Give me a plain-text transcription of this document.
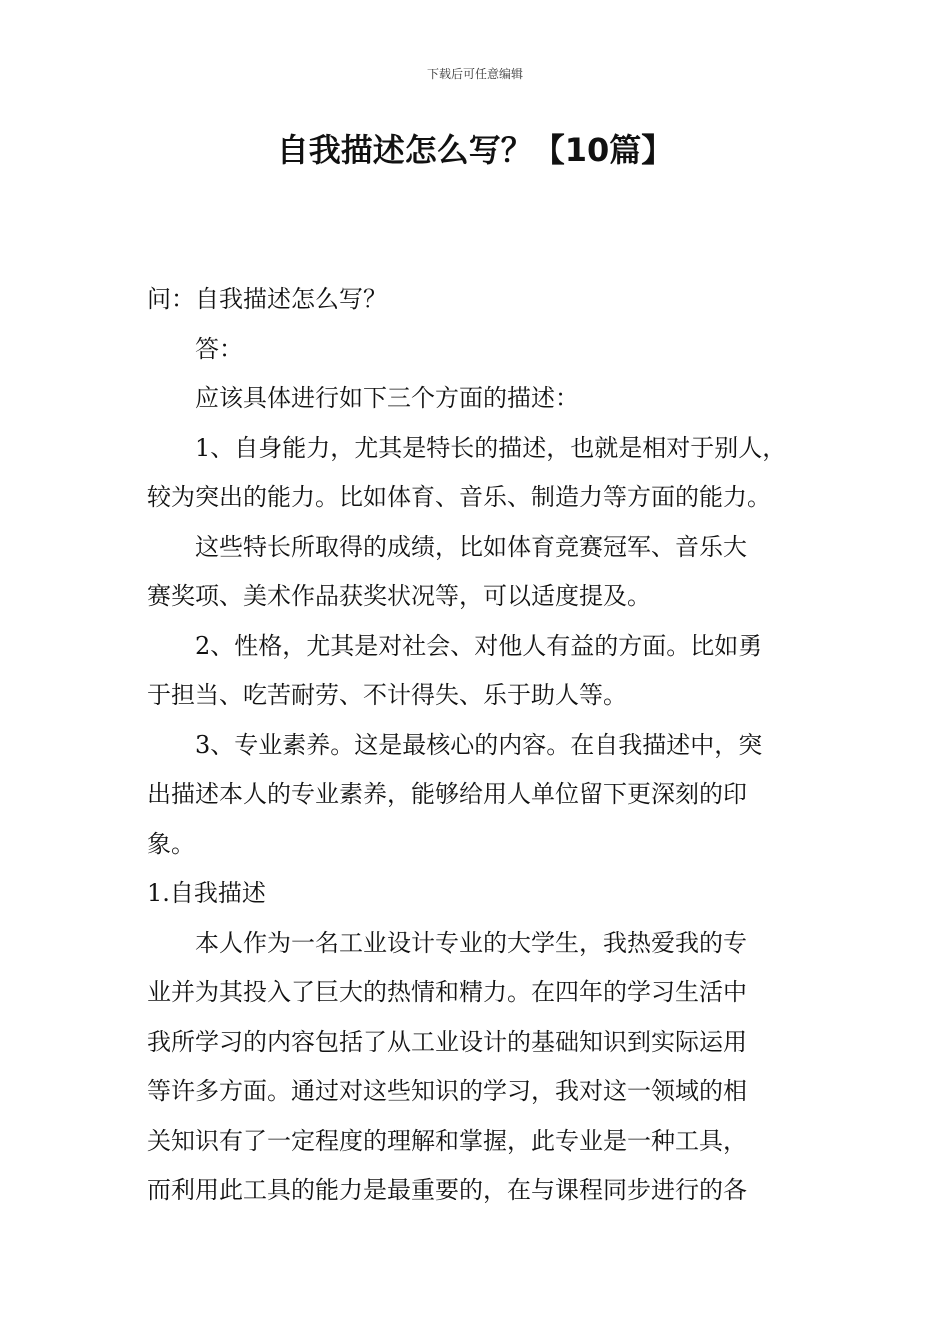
下载后可任意编辑
自我描述怎么写？【10篇】

问：自我描述怎么写？

答：

应该具体进行如下三个方面的描述：

1、自身能力，尤其是特长的描述，也就是相对于别人，

较为突出的能力。比如体育、音乐、制造力等方面的能力。

这些特长所取得的成绩，比如体育竞赛冠军、音乐大

赛奖项、美术作品获奖状况等，可以适度提及。

2、性格，尤其是对社会、对他人有益的方面。比如勇

于担当、吃苦耐劳、不计得失、乐于助人等。

3、专业素养。这是最核心的内容。在自我描述中，突

出描述本人的专业素养，能够给用人单位留下更深刻的印

象。

1.自我描述

本人作为一名工业设计专业的大学生，我热爱我的专

业并为其投入了巨大的热情和精力。在四年的学习生活中

我所学习的内容包括了从工业设计的基础知识到实际运用

等许多方面。通过对这些知识的学习，我对这一领域的相

关知识有了一定程度的理解和掌握，此专业是一种工具，

而利用此工具的能力是最重要的，在与课程同步进行的各
